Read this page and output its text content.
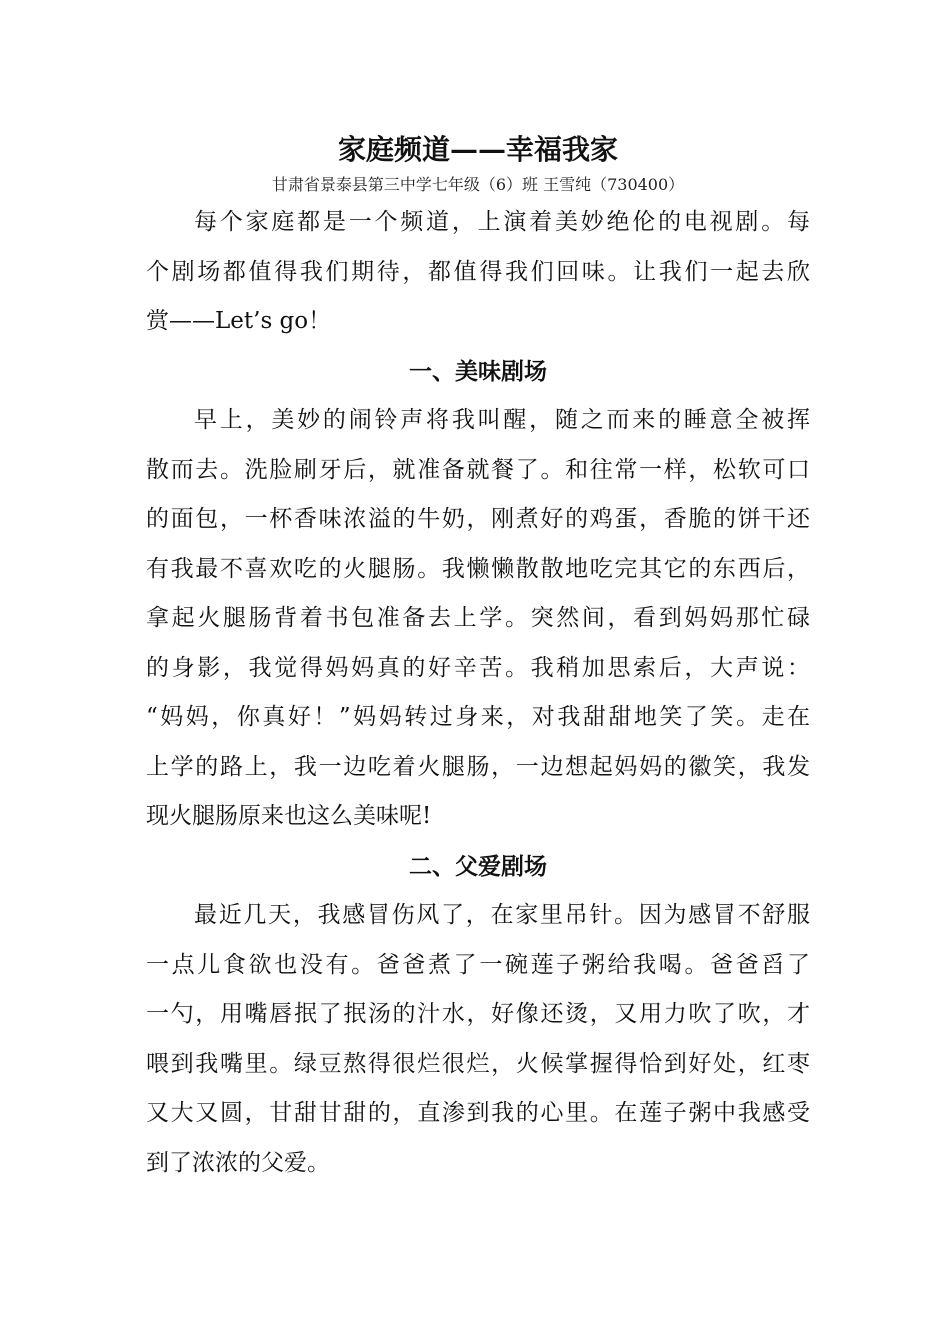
家庭频道——幸福我家
甘肃省景泰县第三中学七年级（6）班 王雪纯（730400）

每个家庭都是一个频道，上演着美妙绝伦的电视剧。每
个剧场都值得我们期待，都值得我们回味。让我们一起去欣
赏——Let’s go！

一、美味剧场

早上，美妙的闹铃声将我叫醒，随之而来的睡意全被挥
散而去。洗脸刷牙后，就准备就餐了。和往常一样，松软可口
的面包，一杯香味浓溢的牛奶，刚煮好的鸡蛋，香脆的饼干还
有我最不喜欢吃的火腿肠。我懒懒散散地吃完其它的东西后，
拿起火腿肠背着书包准备去上学。突然间，看到妈妈那忙碌
的身影，我觉得妈妈真的好辛苦。我稍加思索后，大声说：
“妈妈，你真好！”妈妈转过身来，对我甜甜地笑了笑。走在
上学的路上，我一边吃着火腿肠，一边想起妈妈的徽笑，我发
现火腿肠原来也这么美味呢!

二、父爱剧场

最近几天，我感冒伤风了，在家里吊针。因为感冒不舒服
一点儿食欲也没有。爸爸煮了一碗莲子粥给我喝。爸爸舀了
一勺，用嘴唇抿了抿汤的汁水，好像还烫，又用力吹了吹，才
喂到我嘴里。绿豆熬得很烂很烂，火候掌握得恰到好处，红枣
又大又圆，甘甜甘甜的，直渗到我的心里。在莲子粥中我感受
到了浓浓的父爱。
